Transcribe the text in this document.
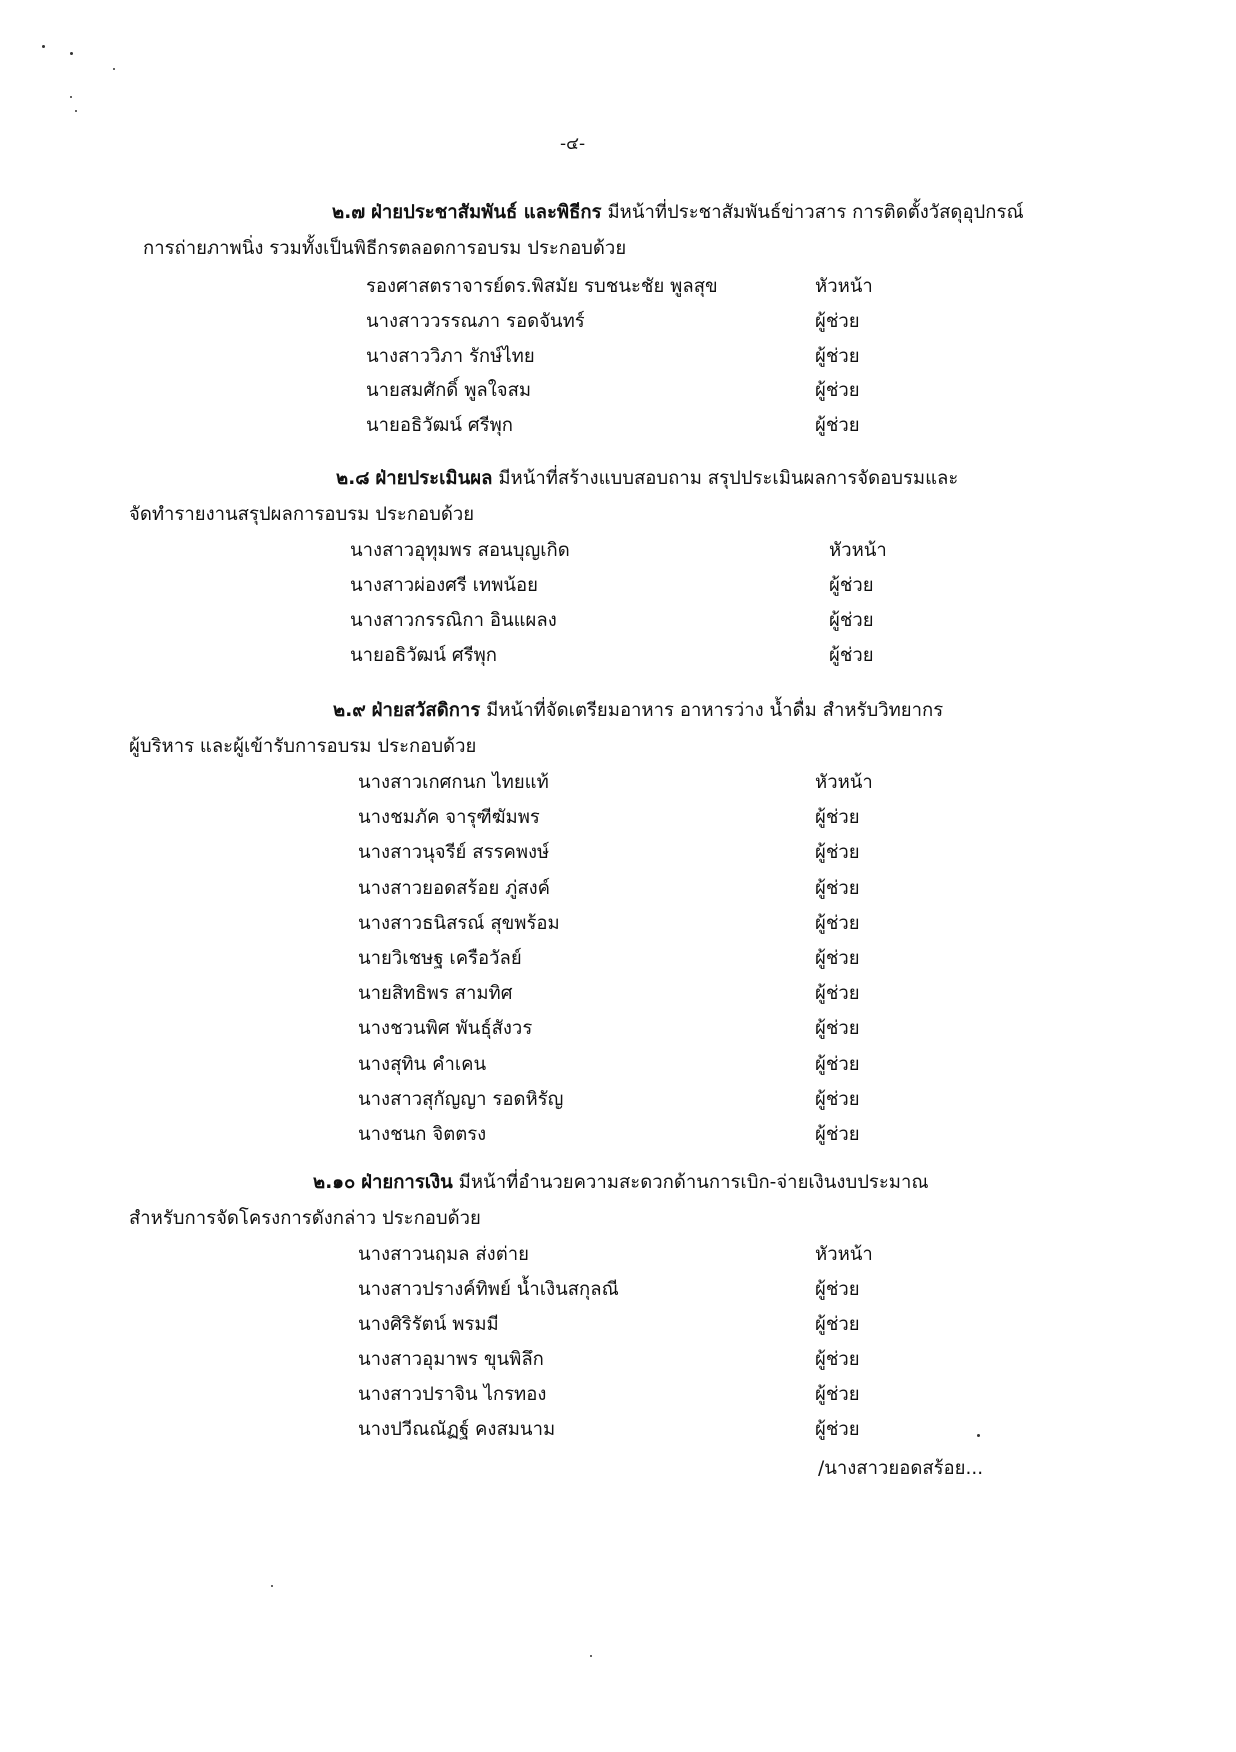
-๔-
๒.๗ ฝ่ายประชาสัมพันธ์ และพิธีกร มีหน้าที่ประชาสัมพันธ์ข่าวสาร การติดตั้งวัสดุอุปกรณ์
การถ่ายภาพนิ่ง รวมทั้งเป็นพิธีกรตลอดการอบรม ประกอบด้วย
รองศาสตราจารย์ดร.พิสมัย รบชนะชัย พูลสุข	หัวหน้า
นางสาววรรณภา รอดจันทร์	ผู้ช่วย
นางสาววิภา รักษ์ไทย	ผู้ช่วย
นายสมศักดิ์ พูลใจสม	ผู้ช่วย
นายอธิวัฒน์ ศรีพุก	ผู้ช่วย
๒.๘ ฝ่ายประเมินผล มีหน้าที่สร้างแบบสอบถาม สรุปประเมินผลการจัดอบรมและ
จัดทำรายงานสรุปผลการอบรม ประกอบด้วย
นางสาวอุทุมพร สอนบุญเกิด	หัวหน้า
นางสาวผ่องศรี เทพน้อย	ผู้ช่วย
นางสาวกรรณิกา อินแผลง	ผู้ช่วย
นายอธิวัฒน์ ศรีพุก	ผู้ช่วย
๒.๙ ฝ่ายสวัสดิการ มีหน้าที่จัดเตรียมอาหาร อาหารว่าง น้ำดื่ม สำหรับวิทยากร
ผู้บริหาร และผู้เข้ารับการอบรม ประกอบด้วย
นางสาวเกศกนก ไทยแท้	หัวหน้า
นางชมภัค จารุฑีฆัมพร	ผู้ช่วย
นางสาวนุจรีย์ สรรคพงษ์	ผู้ช่วย
นางสาวยอดสร้อย ภู่สงค์	ผู้ช่วย
นางสาวธนิสรณ์ สุขพร้อม	ผู้ช่วย
นายวิเชษฐ เครือวัลย์	ผู้ช่วย
นายสิทธิพร สามทิศ	ผู้ช่วย
นางชวนพิศ พันธุ์สังวร	ผู้ช่วย
นางสุทิน คำเคน	ผู้ช่วย
นางสาวสุกัญญา รอดหิรัญ	ผู้ช่วย
นางชนก จิตตรง	ผู้ช่วย
๒.๑๐ ฝ่ายการเงิน มีหน้าที่อำนวยความสะดวกด้านการเบิก-จ่ายเงินงบประมาณ
สำหรับการจัดโครงการดังกล่าว ประกอบด้วย
นางสาวนฤมล ส่งต่าย	หัวหน้า
นางสาวปรางค์ทิพย์ น้ำเงินสกุลณี	ผู้ช่วย
นางศิริรัตน์ พรมมี	ผู้ช่วย
นางสาวอุมาพร ขุนพิลึก	ผู้ช่วย
นางสาวปราจิน ไกรทอง	ผู้ช่วย
นางปวีณณัฏฐ์ คงสมนาม	ผู้ช่วย
/นางสาวยอดสร้อย...
